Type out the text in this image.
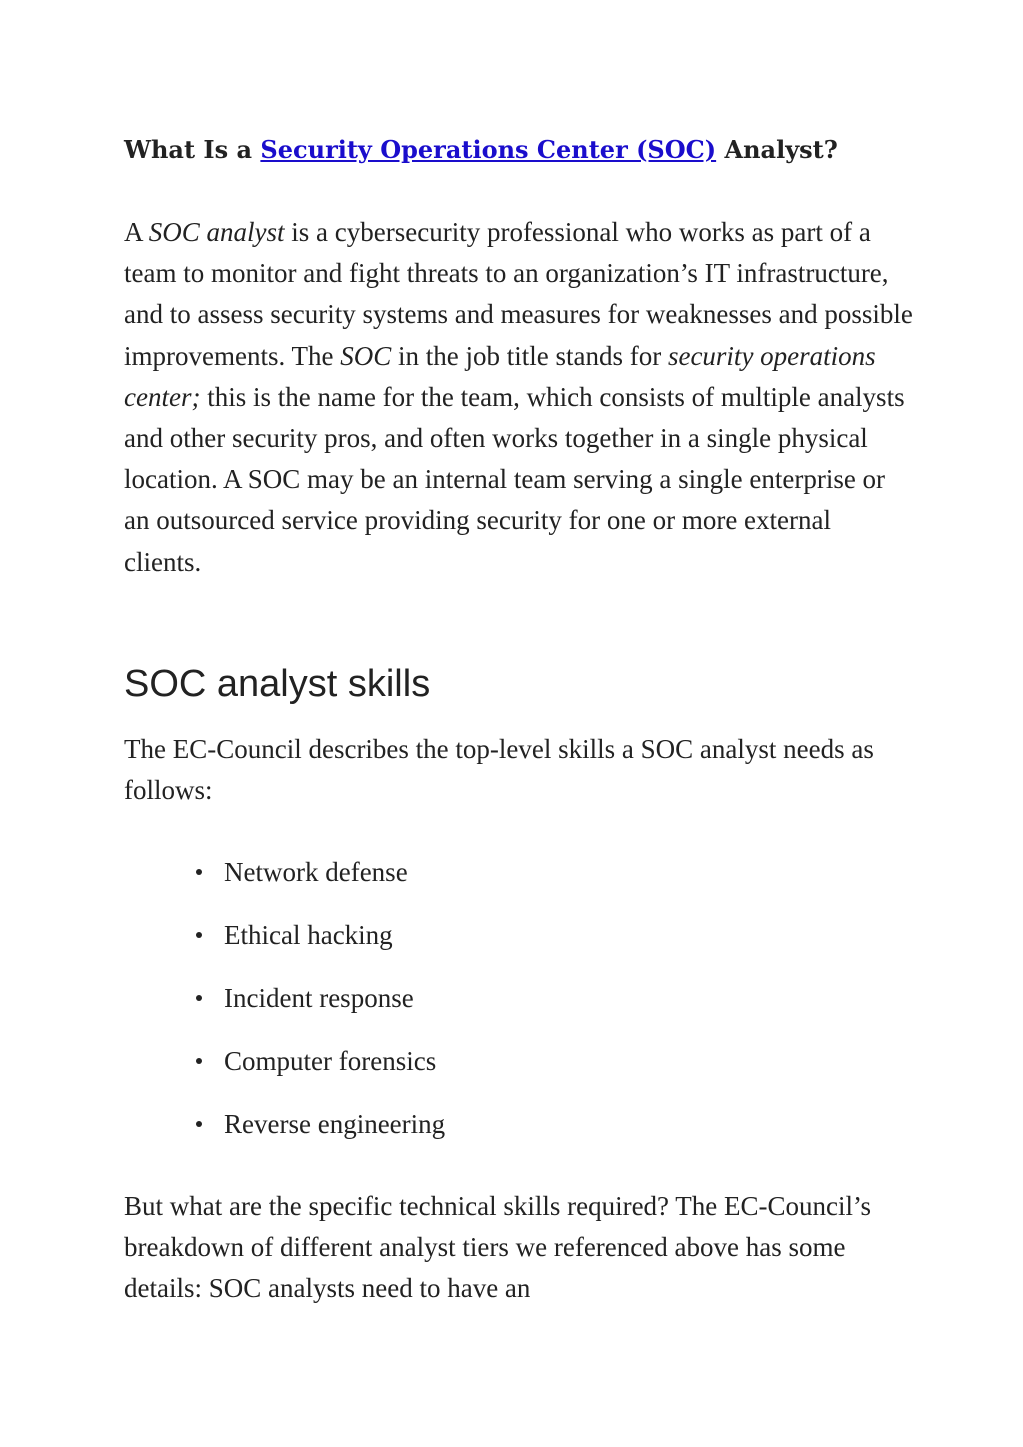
What Is a Security Operations Center (SOC) Analyst?

A SOC analyst is a cybersecurity professional who works as part of a team to monitor and fight threats to an organization’s IT infrastructure, and to assess security systems and measures for weaknesses and possible improvements. The SOC in the job title stands for security operations center; this is the name for the team, which consists of multiple analysts and other security pros, and often works together in a single physical location. A SOC may be an internal team serving a single enterprise or an outsourced service providing security for one or more external clients.

SOC analyst skills

The EC-Council describes the top-level skills a SOC analyst needs as follows:

Network defense
Ethical hacking
Incident response
Computer forensics
Reverse engineering

But what are the specific technical skills required? The EC-Council’s breakdown of different analyst tiers we referenced above has some details: SOC analysts need to have an
